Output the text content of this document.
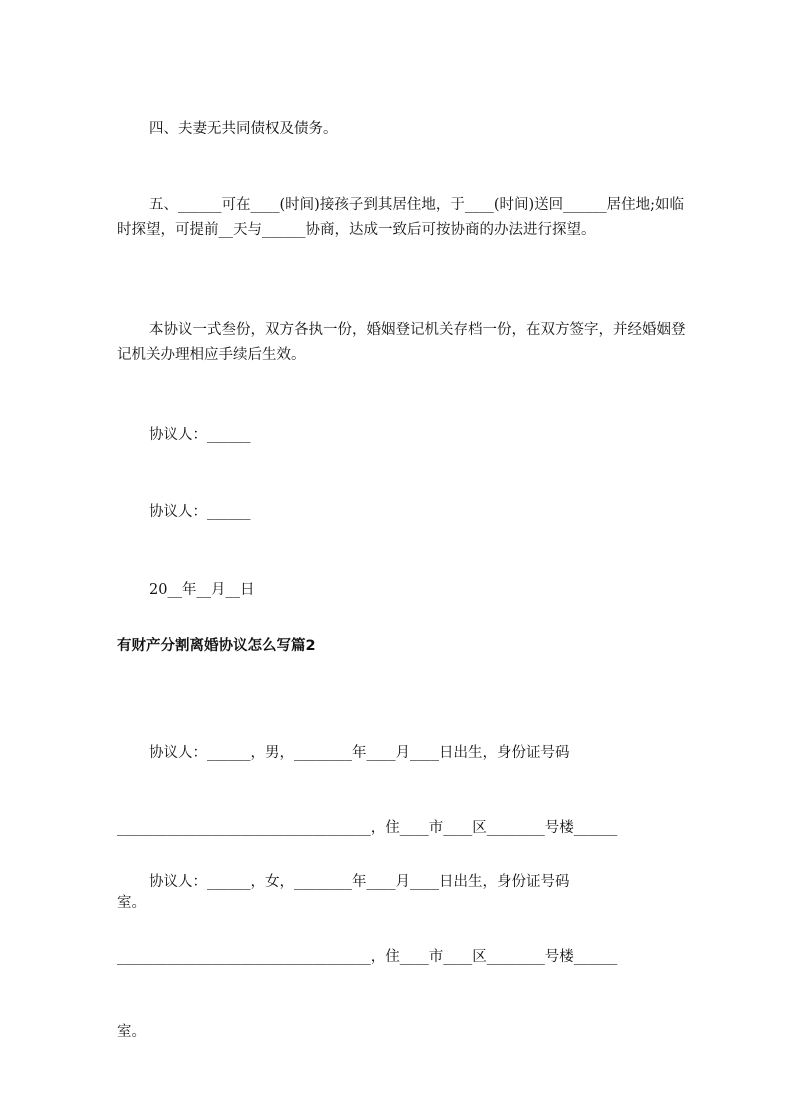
四、夫妻无共同债权及债务。

五、______可在____(时间)接孩子到其居住地，于____(时间)送回______居住地;如临时探望，可提前__天与______协商，达成一致后可按协商的办法进行探望。

本协议一式叁份，双方各执一份，婚姻登记机关存档一份，在双方签字，并经婚姻登记机关办理相应手续后生效。

协议人：______

协议人：______

20__年__月__日

有财产分割离婚协议怎么写篇2

协议人：______，男，________年____月____日出生，身份证号码

___________________________________，住____市____区________号楼______

室。

协议人：______，女，________年____月____日出生，身份证号码

___________________________________，住____市____区________号楼______

室。
